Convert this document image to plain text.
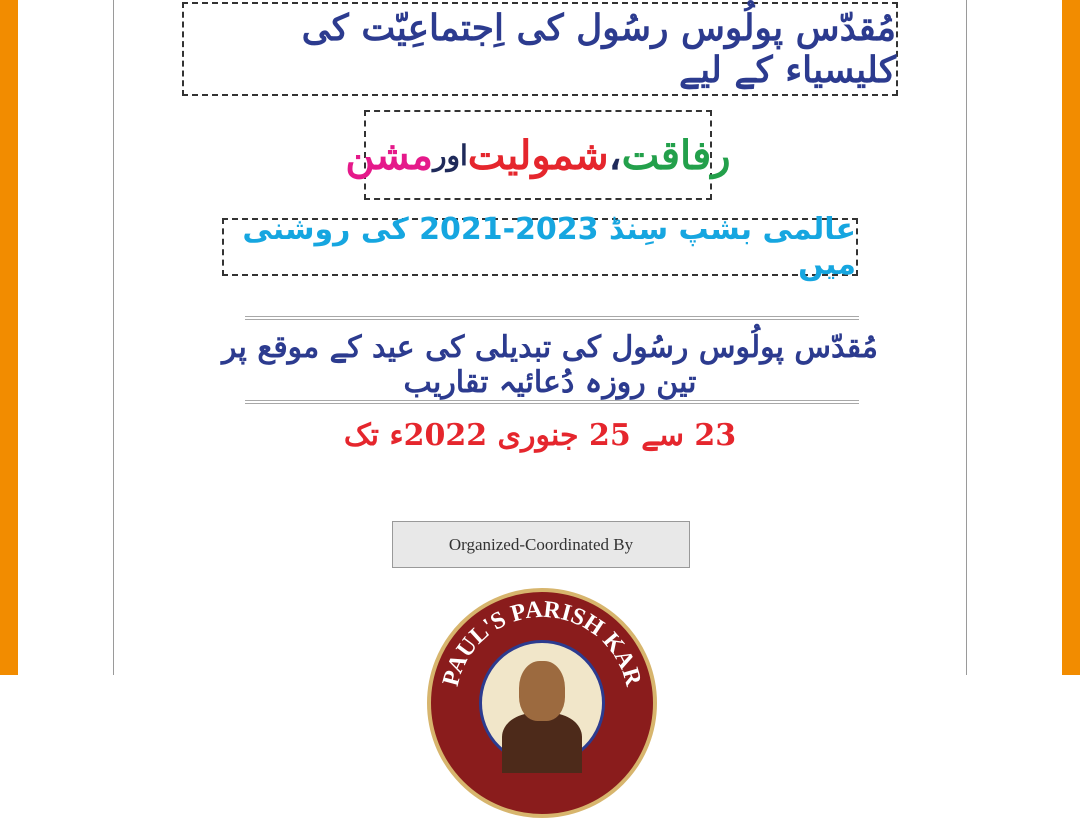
مُقدّس پولُوس رسُول کی اِجتماعِیّت کی کلیسیاء کے لیے
رفاقت
،
شمولیت
اور
مشن
عالمی بشپ سِنڈ 2023-2021 کی روشنی میں
مُقدّس پولُوس رسُول کی تبدیلی کی عید کے موقع پر تین روزہ دُعائیہ تقاریب
23 سے 25 جنوری 2022ء تک
Organized-Coordinated By
PAUL'S PARISH KAR
